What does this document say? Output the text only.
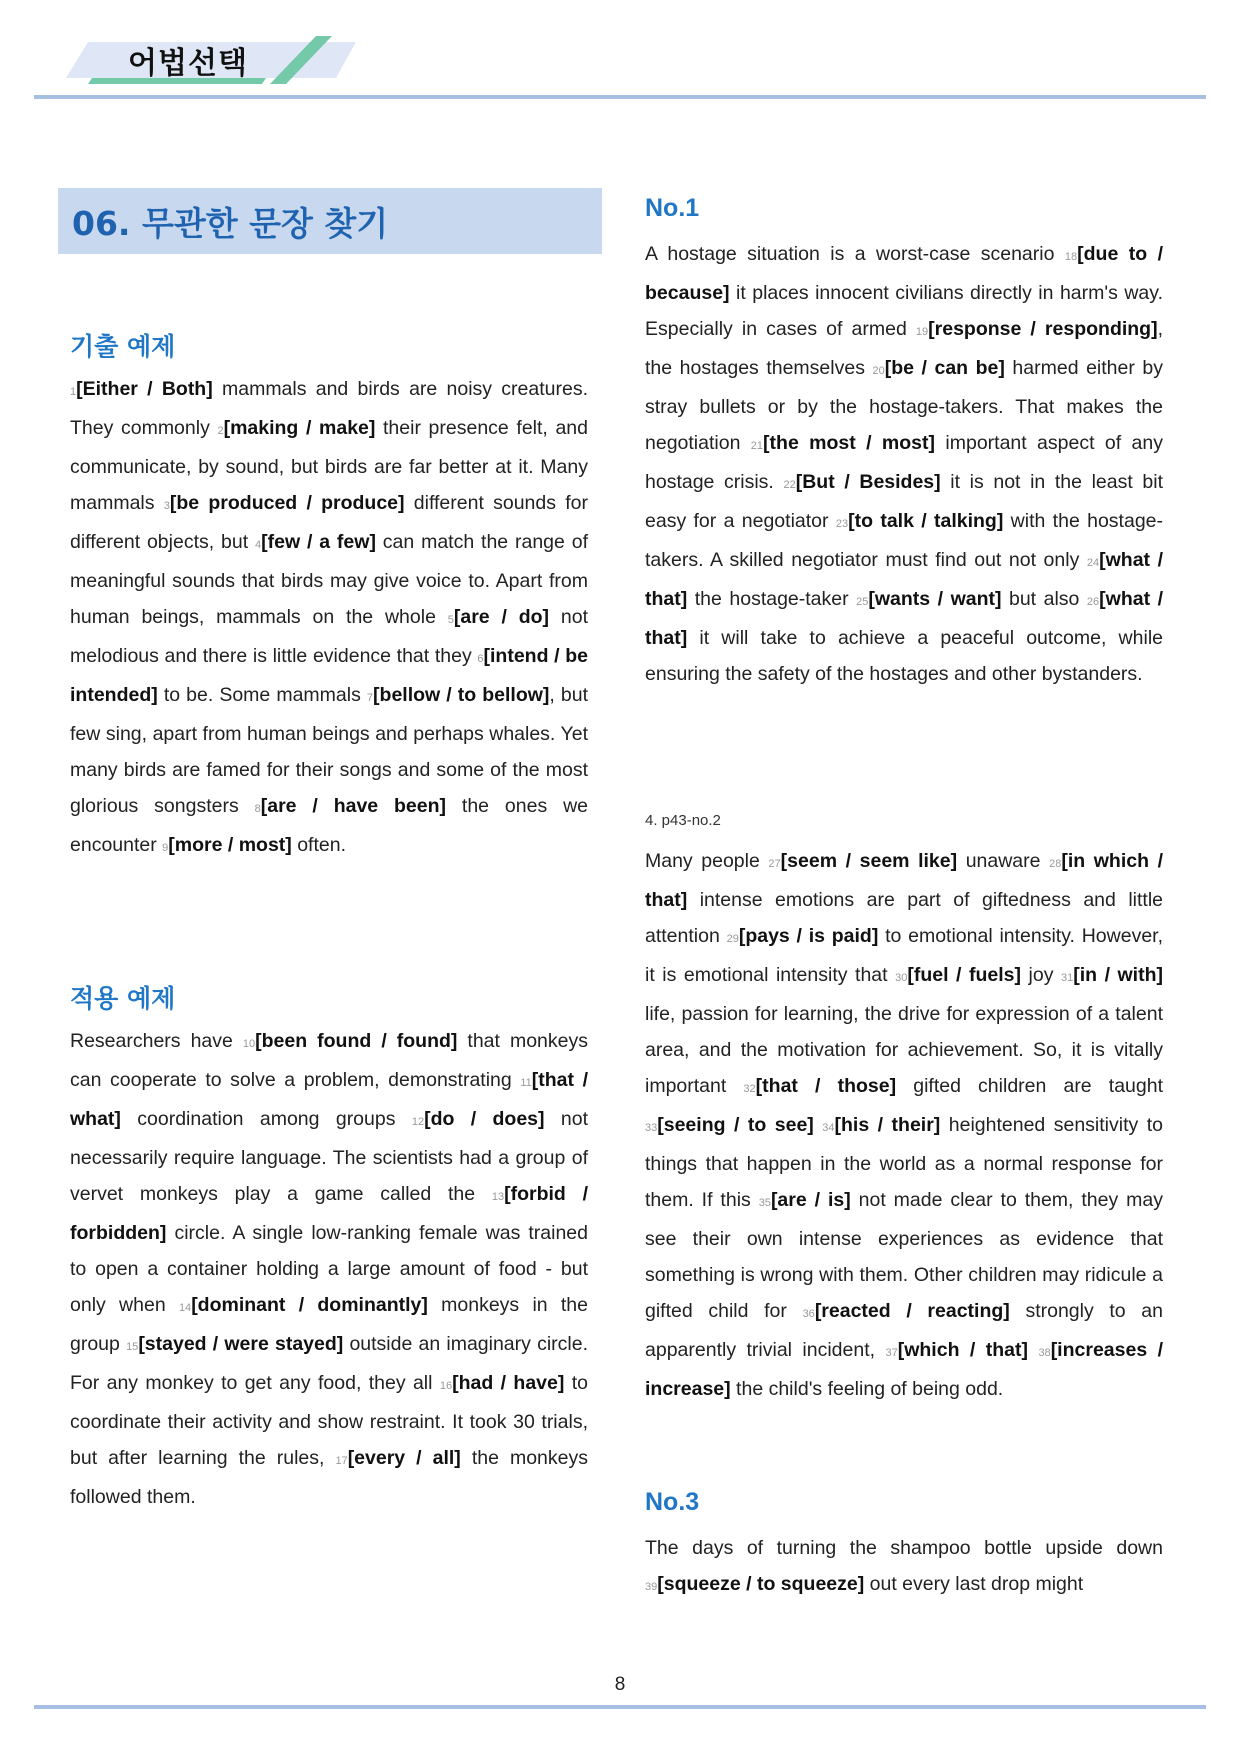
어법선택
06. 무관한 문장 찾기
기출 예제

1[Either / Both] mammals and birds are noisy creatures. They commonly 2[making / make] their presence felt, and communicate, by sound, but birds are far better at it. Many mammals 3[be produced / produce] different sounds for different objects, but 4[few / a few] can match the range of meaningful sounds that birds may give voice to. Apart from human beings, mammals on the whole 5[are / do] not melodious and there is little evidence that they 6[intend / be intended] to be. Some mammals 7[bellow / to bellow], but few sing, apart from human beings and perhaps whales. Yet many birds are famed for their songs and some of the most glorious songsters 8[are / have been] the ones we encounter 9[more / most] often.

적용 예제

Researchers have 10[been found / found] that monkeys can cooperate to solve a problem, demonstrating 11[that / what] coordination among groups 12[do / does] not necessarily require language. The scientists had a group of vervet monkeys play a game called the 13[forbid / forbidden] circle. A single low-ranking female was trained to open a container holding a large amount of food - but only when 14[dominant / dominantly] monkeys in the group 15[stayed / were stayed] outside an imaginary circle. For any monkey to get any food, they all 16[had / have] to coordinate their activity and show restraint. It took 30 trials, but after learning the rules, 17[every / all] the monkeys followed them.

No.1

A hostage situation is a worst-case scenario 18[due to / because] it places innocent civilians directly in harm's way. Especially in cases of armed 19[response / responding], the hostages themselves 20[be / can be] harmed either by stray bullets or by the hostage-takers. That makes the negotiation 21[the most / most] important aspect of any hostage crisis. 22[But / Besides] it is not in the least bit easy for a negotiator 23[to talk / talking] with the hostage-takers. A skilled negotiator must find out not only 24[what / that] the hostage-taker 25[wants / want] but also 26[what / that] it will take to achieve a peaceful outcome, while ensuring the safety of the hostages and other bystanders.

4. p43-no.2

Many people 27[seem / seem like] unaware 28[in which / that] intense emotions are part of giftedness and little attention 29[pays / is paid] to emotional intensity. However, it is emotional intensity that 30[fuel / fuels] joy 31[in / with] life, passion for learning, the drive for expression of a talent area, and the motivation for achievement. So, it is vitally important 32[that / those] gifted children are taught 33[seeing / to see] 34[his / their] heightened sensitivity to things that happen in the world as a normal response for them. If this 35[are / is] not made clear to them, they may see their own intense experiences as evidence that something is wrong with them. Other children may ridicule a gifted child for 36[reacted / reacting] strongly to an apparently trivial incident, 37[which / that] 38[increases / increase] the child's feeling of being odd.

No.3

The days of turning the shampoo bottle upside down 39[squeeze / to squeeze] out every last drop might

8
